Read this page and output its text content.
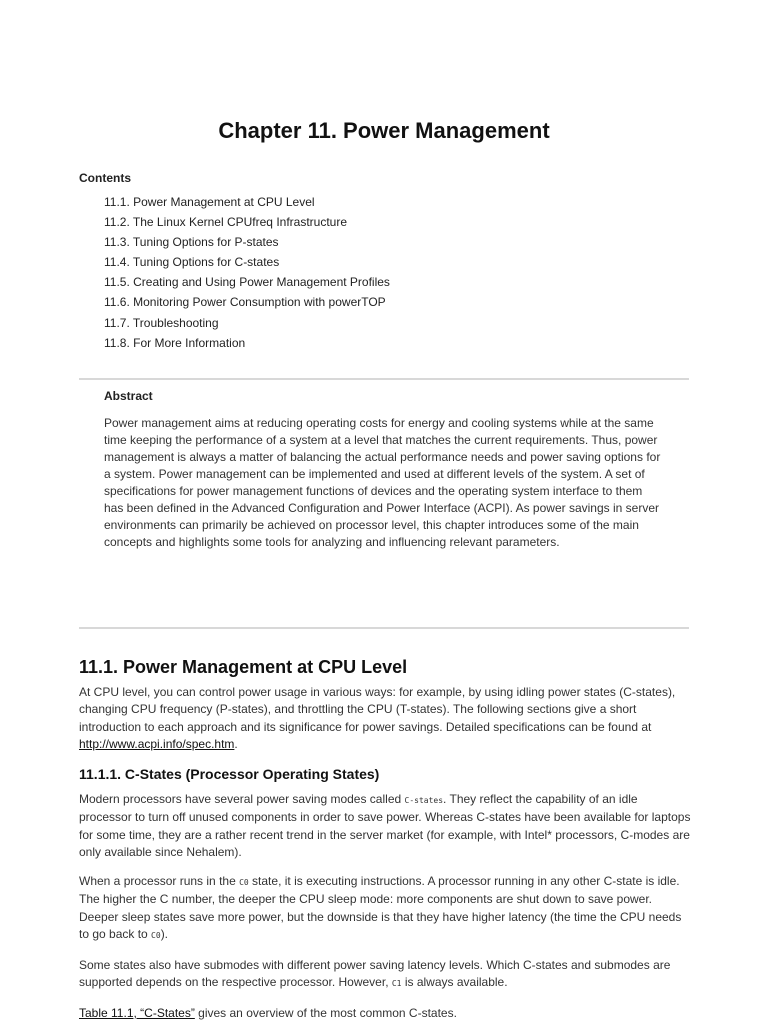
Chapter 11. Power Management
Contents
11.1. Power Management at CPU Level
11.2. The Linux Kernel CPUfreq Infrastructure
11.3. Tuning Options for P-states
11.4. Tuning Options for C-states
11.5. Creating and Using Power Management Profiles
11.6. Monitoring Power Consumption with powerTOP
11.7. Troubleshooting
11.8. For More Information
Abstract

Power management aims at reducing operating costs for energy and cooling systems while at the same time keeping the performance of a system at a level that matches the current requirements. Thus, power management is always a matter of balancing the actual performance needs and power saving options for a system. Power management can be implemented and used at different levels of the system. A set of specifications for power management functions of devices and the operating system interface to them has been defined in the Advanced Configuration and Power Interface (ACPI). As power savings in server environments can primarily be achieved on processor level, this chapter introduces some of the main concepts and highlights some tools for analyzing and influencing relevant parameters.

11.1. Power Management at CPU Level

At CPU level, you can control power usage in various ways: for example, by using idling power states (C-states), changing CPU frequency (P-states), and throttling the CPU (T-states). The following sections give a short introduction to each approach and its significance for power savings. Detailed specifications can be found at http://www.acpi.info/spec.htm.

11.1.1. C-States (Processor Operating States)

Modern processors have several power saving modes called C-states. They reflect the capability of an idle processor to turn off unused components in order to save power. Whereas C-states have been available for laptops for some time, they are a rather recent trend in the server market (for example, with Intel* processors, C-modes are only available since Nehalem).

When a processor runs in the C0 state, it is executing instructions. A processor running in any other C-state is idle. The higher the C number, the deeper the CPU sleep mode: more components are shut down to save power. Deeper sleep states save more power, but the downside is that they have higher latency (the time the CPU needs to go back to C0).

Some states also have submodes with different power saving latency levels. Which C-states and submodes are supported depends on the respective processor. However, C1 is always available.

Table 11.1, “C-States” gives an overview of the most common C-states.
